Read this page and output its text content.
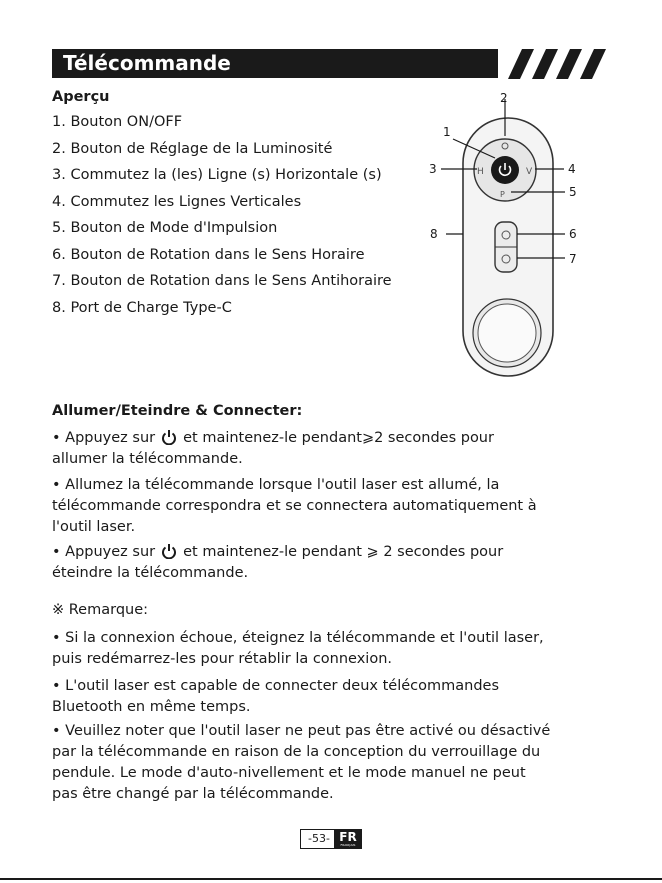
Télécommande
Aperçu
1. Bouton ON/OFF
2. Bouton de Réglage de la Luminosité
3. Commutez la (les) Ligne (s) Horizontale (s)
4. Commutez les Lignes Verticales
5. Bouton de Mode d'Impulsion
6. Bouton de Rotation dans le Sens Horaire
7. Bouton de Rotation dans le Sens Antihoraire
8. Port de Charge Type-C
H	V
P
2
1
3	4
5
6
7
8
Allumer/Eteindre & Connecter:

• Appuyez sur et maintenez-le pendant⩾2 secondes pour
allumer la télécommande.

• Allumez la télécommande lorsque l'outil laser est allumé, la
télécommande correspondra et se connectera automatiquement à
l'outil laser.

• Appuyez sur et maintenez-le pendant ⩾ 2 secondes pour
éteindre la télécommande.

※ Remarque:

• Si la connexion échoue, éteignez la télécommande et l'outil laser,
puis redémarrez-les pour rétablir la connexion.

• L'outil laser est capable de connecter deux télécommandes
Bluetooth en même temps.

• Veuillez noter que l'outil laser ne peut pas être activé ou désactivé
par la télécommande en raison de la conception du verrouillage du
pendule. Le mode d'auto-nivellement et le mode manuel ne peut
pas être changé par la télécommande.

-53- FR
FRANÇAIS
